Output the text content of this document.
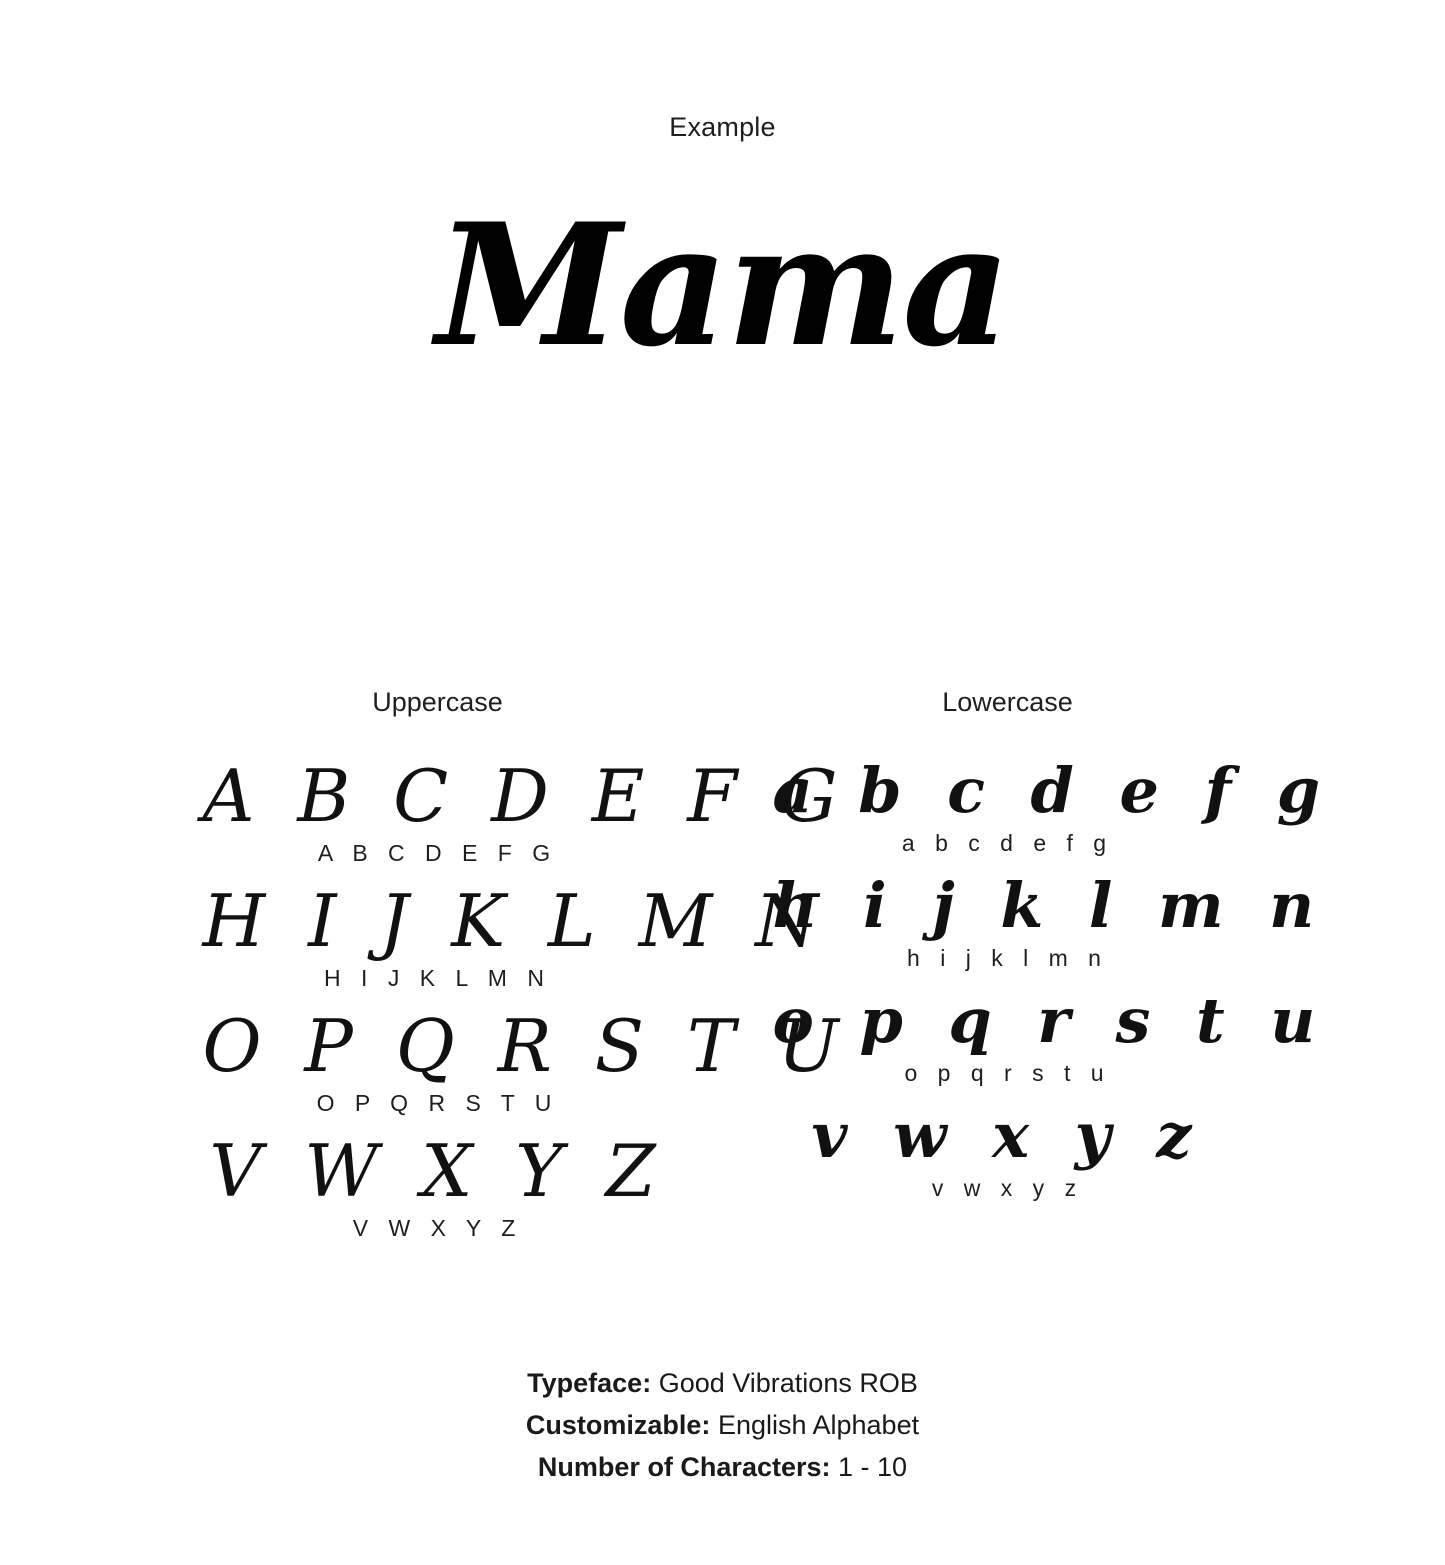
Example
Mama
Uppercase
A B C D E F G
A B C D E F G
H I J K L M N
H I J K L M N
O P Q R S T U
O P Q R S T U
V W X Y Z
V W X Y Z
Lowercase
a b c d e f g
a b c d e f g
h i j k l m n
h i j k l m n
o p q r s t u
o p q r s t u
v w x y z
v w x y z
Typeface: Good Vibrations ROB
Customizable: English Alphabet
Number of Characters: 1 - 10
